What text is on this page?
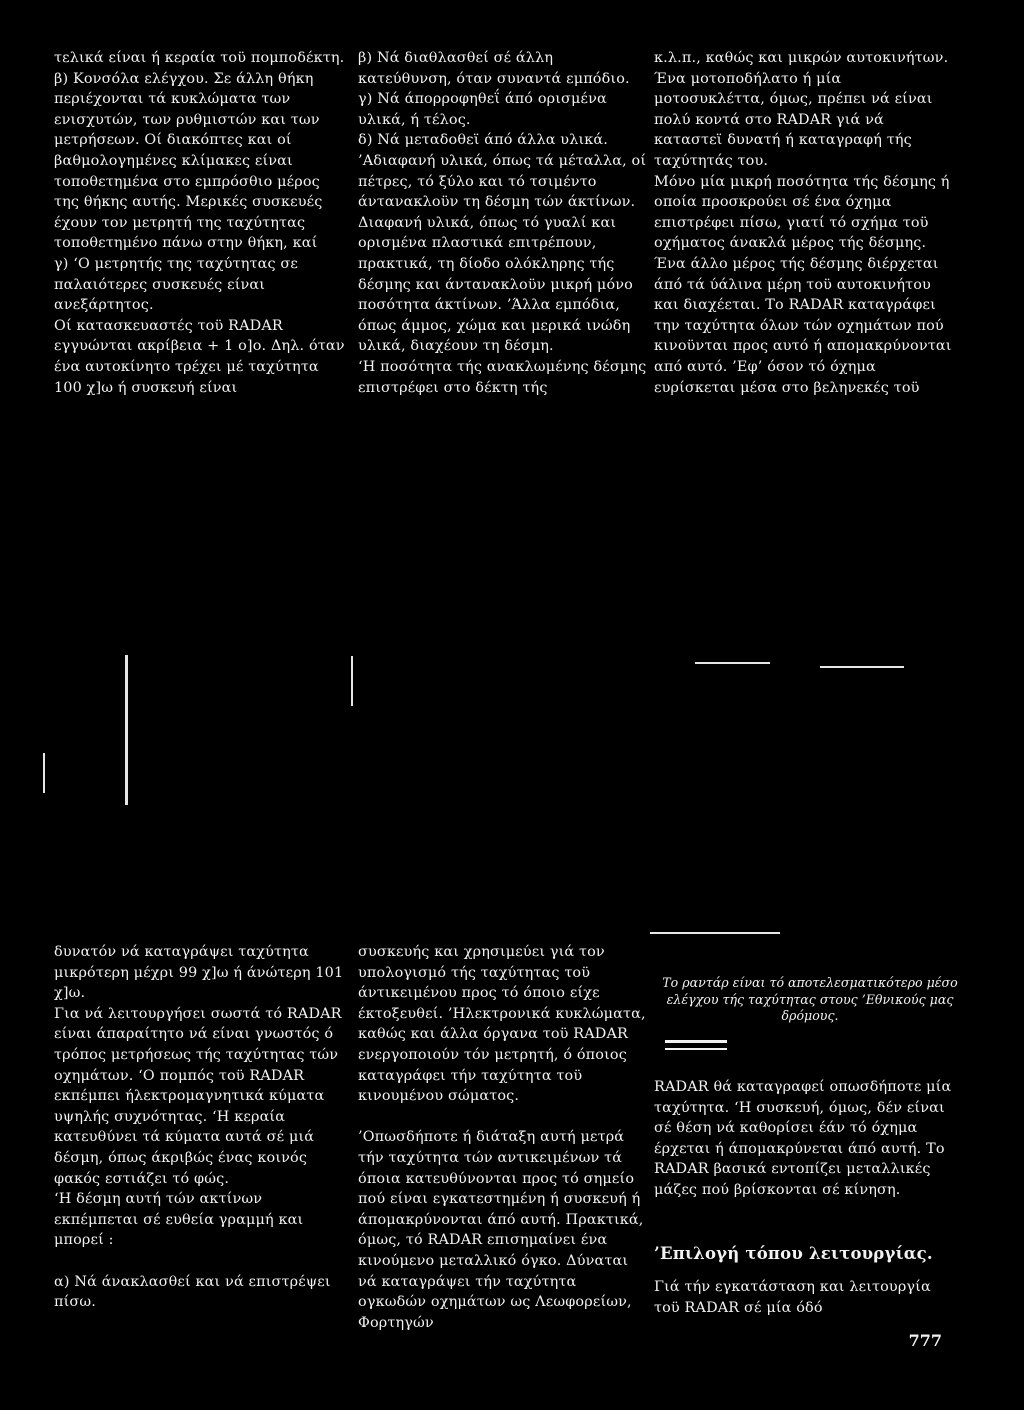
τελικά είναι ή κεραία τοϋ πομποδέκτη.
β) Κονσόλα ελέγχου. Σε άλλη θήκη περιέχονται τά κυκλώματα των ενισχυτών, των ρυθμιστών και των μετρήσεων. Οί διακόπτες και οί βαθμολογημένες κλίμακες είναι τοποθετημένα στο εμπρόσθιο μέρος της θήκης αυτής. Μερικές συσκευές έχουν τον μετρητή της ταχύτητας τοποθετημένο πάνω στην θήκη, καί
γ) ‘Ο μετρητής της ταχύτητας σε παλαιότερες συσκευές είναι ανεξάρτητος.
Οί κατασκευαστές τοϋ RADAR εγγυώνται ακρίβεια + 1 ο]ο. Δηλ. όταν ένα αυτοκίνητο τρέχει μέ ταχύτητα 100 χ]ω ή συσκευή είναι
β) Νά διαθλασθεί σέ άλλη κατεύθυνση, όταν συναντά εμπόδιο.
γ) Νά άπορροφηθεΐ άπό ορισμένα υλικά, ή τέλος.
δ) Νά μεταδοθεϊ άπό άλλα υλικά.
’Αδιαφανή υλικά, όπως τά μέταλλα, οί πέτρες, τό ξύλο και τό τσιμέντο άντανακλοϋν τη δέσμη τών άκτίνων. Διαφανή υλικά, όπως τό γυαλί και ορισμένα πλαστικά επιτρέπουν, πρακτικά, τη δίοδο ολόκληρης τής δέσμης και άντανακλοϋν μικρή μόνο ποσότητα άκτίνων. ’Άλλα εμπόδια, όπως άμμος, χώμα και μερικά ινώδη υλικά, διαχέουν τη δέσμη.
‘Η ποσότητα τής ανακλωμένης δέσμης επιστρέφει στο δέκτη τής
κ.λ.π., καθώς και μικρών αυτοκινήτων. Ένα μοτοποδήλατο ή μία μοτοσυκλέττα, όμως, πρέπει νά είναι πολύ κοντά στο RADAR γιά νά καταστεϊ δυνατή ή καταγραφή τής ταχύτητάς του.
Μόνο μία μικρή ποσότητα τής δέσμης ή οποία προσκρούει σέ ένα όχημα επιστρέφει πίσω, γιατί τό σχήμα τοϋ οχήματος άνακλά μέρος τής δέσμης. Ένα άλλο μέρος τής δέσμης διέρχεται άπό τά ύάλινα μέρη τοϋ αυτοκινήτου και διαχέεται. Το RADAR καταγράφει την ταχύτητα όλων τών οχημάτων πού κινοϋνται προς αυτό ή απομακρύνονται από αυτό. ’Εφ’ όσον τό όχημα ευρίσκεται μέσα στο βεληνεκές τοϋ
δυνατόν νά καταγράψει ταχύτητα μικρότερη μέχρι 99 χ]ω ή άνώτερη 101 χ]ω.
Για νά λειτουργήσει σωστά τό RADAR είναι άπαραίτητο νά είναι γνωστός ό τρόπος μετρήσεως τής ταχύτητας τών οχημάτων. ‘Ο πομπός τοϋ RADAR εκπέμπει ήλεκτρομαγνητικά κύματα υψηλής συχνότητας. ‘Η κεραία κατευθύνει τά κύματα αυτά σέ μιά δέσμη, όπως άκριβώς ένας κοινός φακός εστιάζει τό φώς.
‘Η δέσμη αυτή τών ακτίνων εκπέμπεται σέ ευθεία γραμμή και μπορεί :

α) Νά άνακλασθεί και νά επιστρέψει πίσω.
συσκευής και χρησιμεύει γιά τον υπολογισμό τής ταχύτητας τοϋ άντικειμένου προς τό όποιο είχε έκτοξευθεί. ’Ηλεκτρονικά κυκλώματα, καθώς και άλλα όργανα τοϋ RADAR ενεργοποιούν τόν μετρητή, ό όποιος καταγράφει τήν ταχύτητα τοϋ κινουμένου σώματος.

’Οπωσδήποτε ή διάταξη αυτή μετρά τήν ταχύτητα τών αντικειμένων τά όποια κατευθύνονται προς τό σημείο πού είναι εγκατεστημένη ή συσκευή ή άπομακρύνονται άπό αυτή. Πρακτικά, όμως, τό RADAR επισημαίνει ένα κινούμενο μεταλλικό όγκο. Δύναται νά καταγράψει τήν ταχύτητα ογκωδών οχημάτων ως Λεωφορείων, Φορτηγών
Το ραντάρ είναι τό αποτελεσματικότερο μέσο ελέγχου τής ταχύτητας στους ’Εθνικούς μας δρόμους.
RADAR θά καταγραφεί οπωσδήποτε μία ταχύτητα. ‘Η συσκευή, όμως, δέν είναι σέ θέση νά καθορίσει έάν τό όχημα έρχεται ή άπομακρύνεται άπό αυτή. Το RADAR βασικά εντοπίζει μεταλλικές μάζες πού βρίσκονται σέ κίνηση.
’Επιλογή τόπου λειτουργίας.
Γιά τήν εγκατάσταση και λειτουργία τοϋ RADAR σέ μία όδό
777
